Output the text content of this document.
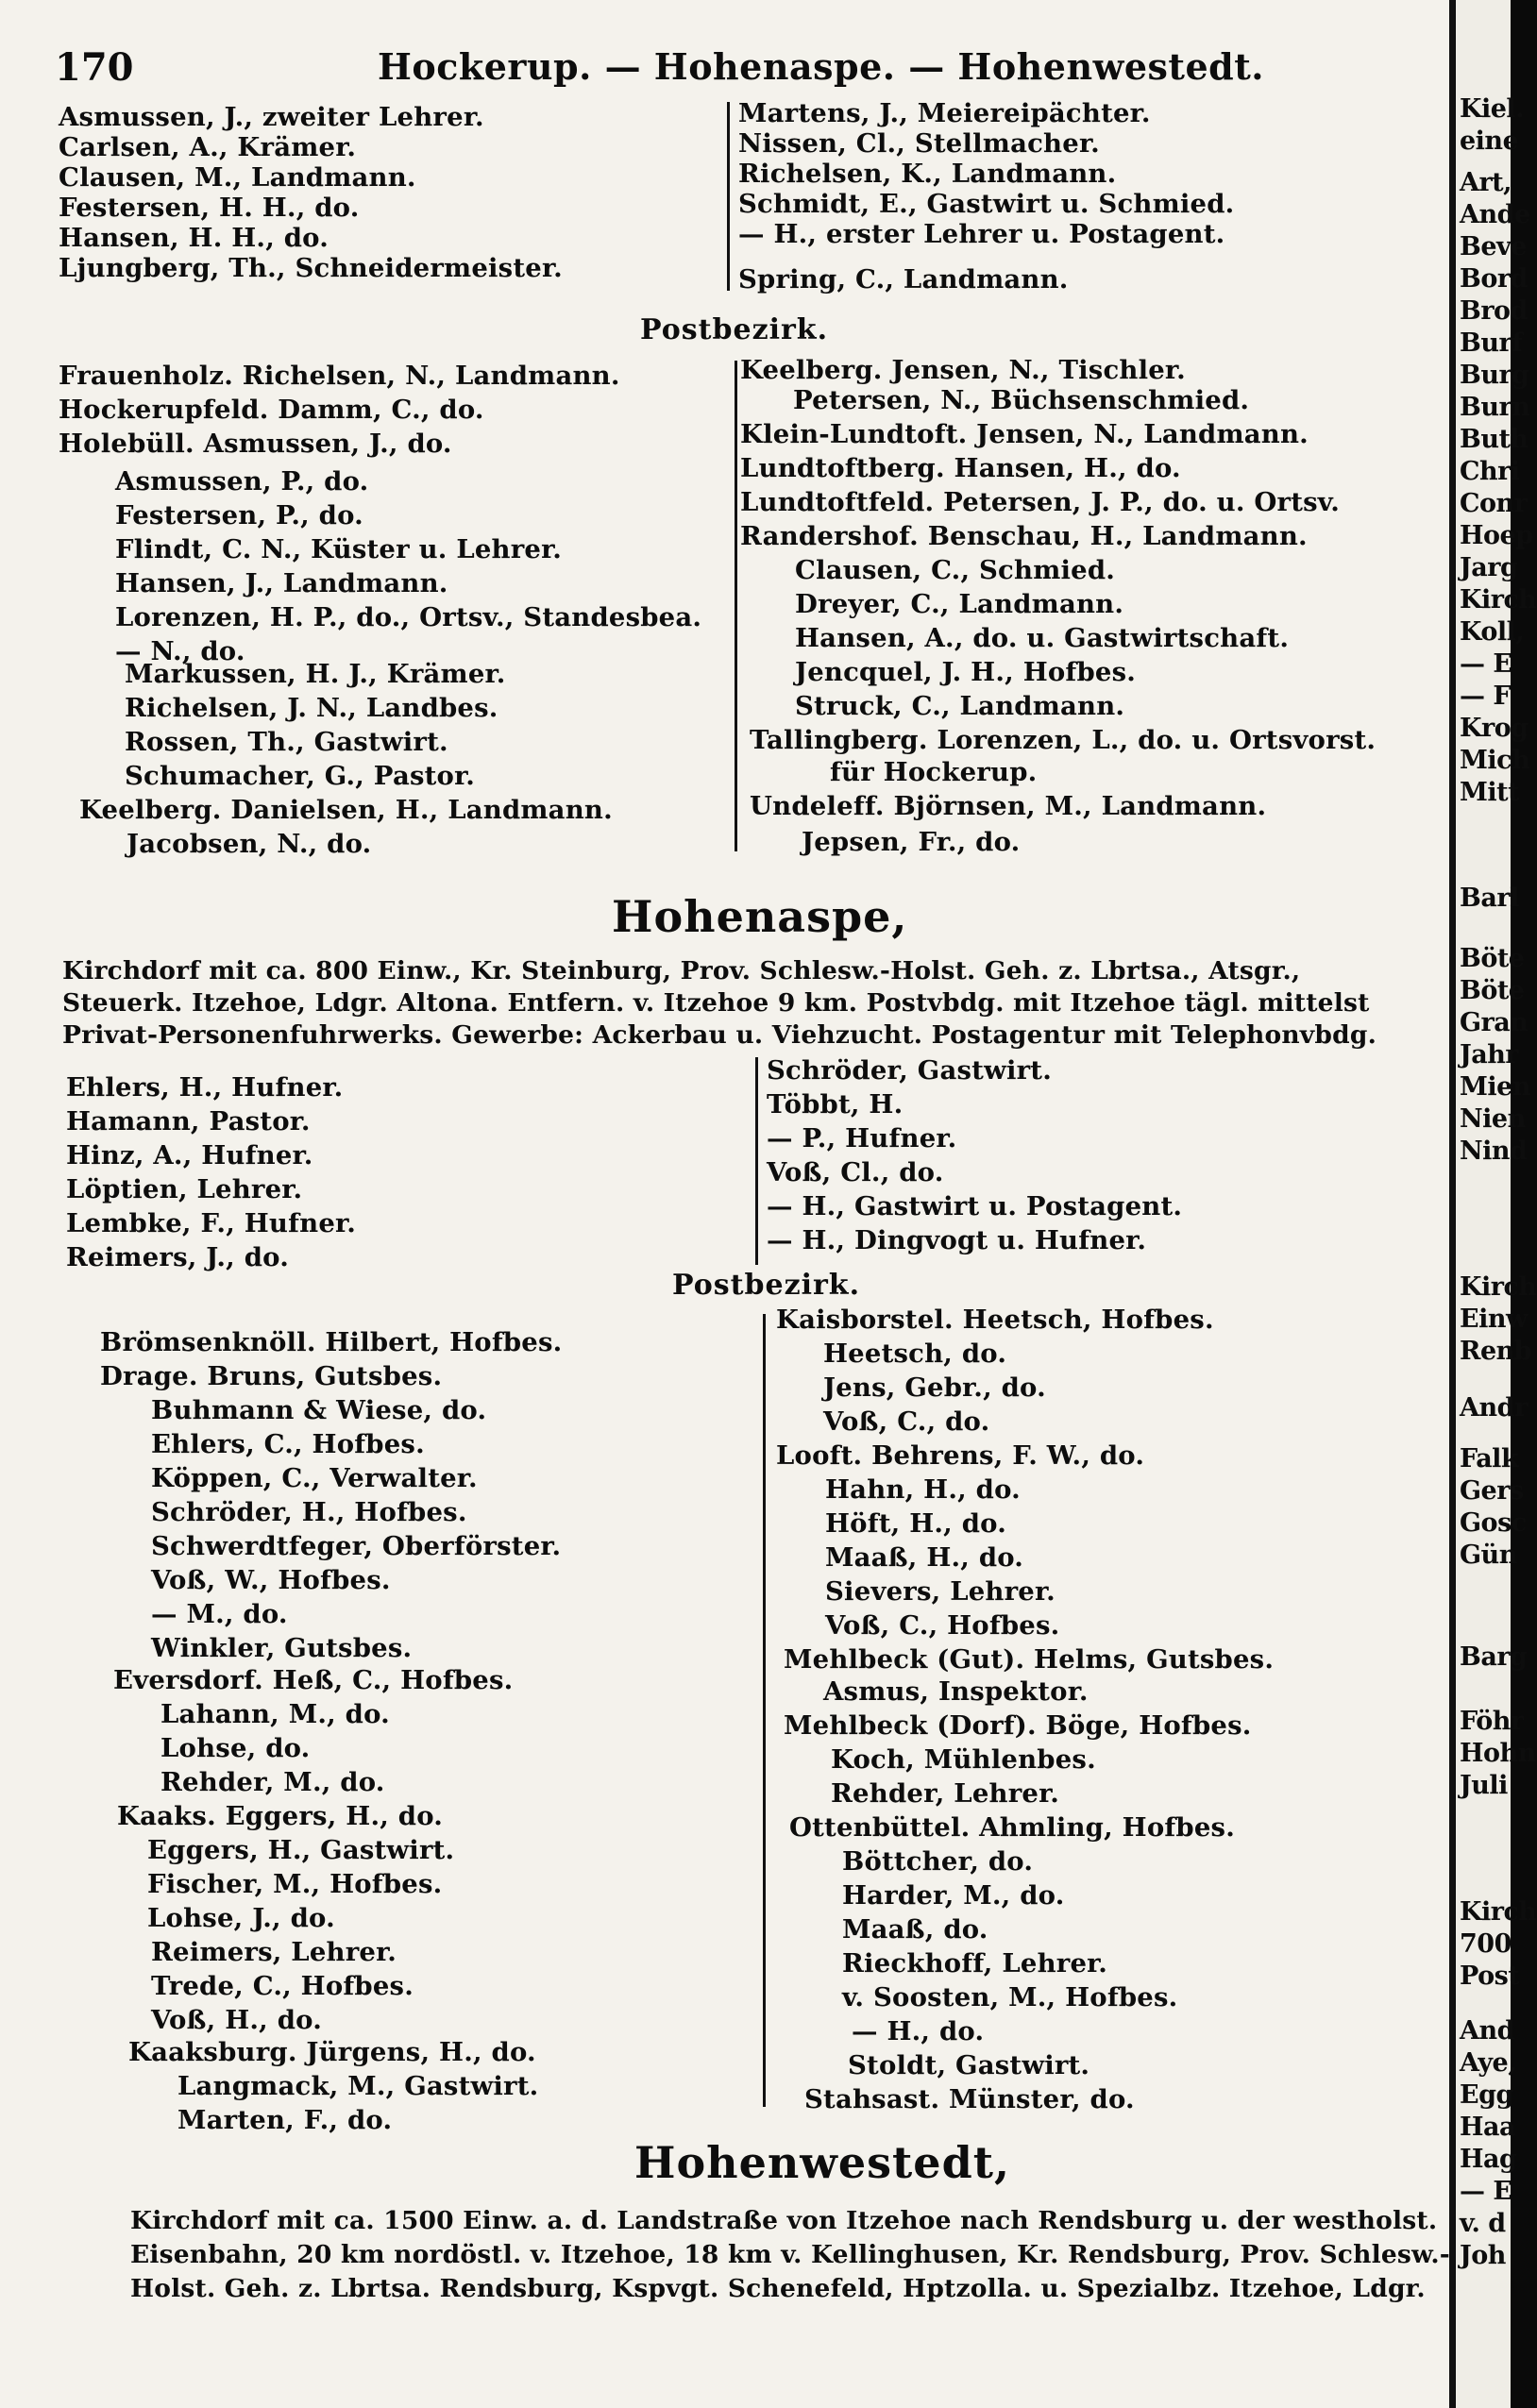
170	Hockerup. — Hohenaspe. — Hohenwestedt.
Asmussen, J., zweiter Lehrer.
Carlsen, A., Krämer.
Clausen, M., Landmann.
Festersen, H. H., do.
Hansen, H. H., do.
Ljungberg, Th., Schneidermeister.
Martens, J., Meiereipächter.
Nissen, Cl., Stellmacher.
Richelsen, K., Landmann.
Schmidt, E., Gastwirt u. Schmied.
— H., erster Lehrer u. Postagent.
Spring, C., Landmann.
Postbezirk.
Frauenholz. Richelsen, N., Landmann.
Hockerupfeld. Damm, C., do.
Holebüll. Asmussen, J., do.
Asmussen, P., do.
Festersen, P., do.
Flindt, C. N., Küster u. Lehrer.
Hansen, J., Landmann.
Lorenzen, H. P., do., Ortsv., Standesbea.
— N., do.
Markussen, H. J., Krämer.
Richelsen, J. N., Landbes.
Rossen, Th., Gastwirt.
Schumacher, G., Pastor.
Keelberg. Danielsen, H., Landmann.
Jacobsen, N., do.
Keelberg. Jensen, N., Tischler.
Petersen, N., Büchsenschmied.
Klein-Lundtoft. Jensen, N., Landmann.
Lundtoftberg. Hansen, H., do.
Lundtoftfeld. Petersen, J. P., do. u. Ortsv.
Randershof. Benschau, H., Landmann.
Clausen, C., Schmied.
Dreyer, C., Landmann.
Hansen, A., do. u. Gastwirtschaft.
Jencquel, J. H., Hofbes.
Struck, C., Landmann.
Tallingberg. Lorenzen, L., do. u. Ortsvorst.
für Hockerup.
Undeleff. Björnsen, M., Landmann.
Jepsen, Fr., do.
Hohenaspe,
Kirchdorf mit ca. 800 Einw., Kr. Steinburg, Prov. Schlesw.-Holst. Geh. z. Lbrtsa., Atsgr.,
Steuerk. Itzehoe, Ldgr. Altona. Entfern. v. Itzehoe 9 km. Postvbdg. mit Itzehoe tägl. mittelst
Privat-Personenfuhrwerks. Gewerbe: Ackerbau u. Viehzucht. Postagentur mit Telephonvbdg.
Ehlers, H., Hufner.
Hamann, Pastor.
Hinz, A., Hufner.
Löptien, Lehrer.
Lembke, F., Hufner.
Reimers, J., do.
Schröder, Gastwirt.
Többt, H.
— P., Hufner.
Voß, Cl., do.
— H., Gastwirt u. Postagent.
— H., Dingvogt u. Hufner.
Postbezirk.
Brömsenknöll. Hilbert, Hofbes.
Drage. Bruns, Gutsbes.
Buhmann & Wiese, do.
Ehlers, C., Hofbes.
Köppen, C., Verwalter.
Schröder, H., Hofbes.
Schwerdtfeger, Oberförster.
Voß, W., Hofbes.
— M., do.
Winkler, Gutsbes.
Eversdorf. Heß, C., Hofbes.
Lahann, M., do.
Lohse, do.
Rehder, M., do.
Kaaks. Eggers, H., do.
Eggers, H., Gastwirt.
Fischer, M., Hofbes.
Lohse, J., do.
Reimers, Lehrer.
Trede, C., Hofbes.
Voß, H., do.
Kaaksburg. Jürgens, H., do.
Langmack, M., Gastwirt.
Marten, F., do.
Kaisborstel. Heetsch, Hofbes.
Heetsch, do.
Jens, Gebr., do.
Voß, C., do.
Looft. Behrens, F. W., do.
Hahn, H., do.
Höft, H., do.
Maaß, H., do.
Sievers, Lehrer.
Voß, C., Hofbes.
Mehlbeck (Gut). Helms, Gutsbes.
Asmus, Inspektor.
Mehlbeck (Dorf). Böge, Hofbes.
Koch, Mühlenbes.
Rehder, Lehrer.
Ottenbüttel. Ahmling, Hofbes.
Böttcher, do.
Harder, M., do.
Maaß, do.
Rieckhoff, Lehrer.
v. Soosten, M., Hofbes.
— H., do.
Stoldt, Gastwirt.
Stahsast. Münster, do.
Hohenwestedt,
Kirchdorf mit ca. 1500 Einw. a. d. Landstraße von Itzehoe nach Rendsburg u. der westholst.
Eisenbahn, 20 km nordöstl. v. Itzehoe, 18 km v. Kellinghusen, Kr. Rendsburg, Prov. Schlesw.-
Holst. Geh. z. Lbrtsa. Rendsburg, Kspvgt. Schenefeld, Hptzolla. u. Spezialbz. Itzehoe, Ldgr.
Kiel.
eine
Art,
Ande
Beve
Bord
Brod
Burf
Burg
Burn
Buth
Chri
Conr
Hoep
Jarg
Kirch
Koll,
— E
— F
Krog
Mich
Mitt
Barl
Böte
Böte
Gran
Jahr
Mien
Nien
Nind
Kirch
Einw
Renb
Andr
Falk
Gers
Gosc
Gün
Barg
Föhr
Hohn
Juli
Kirch
700
Post
And
Aye,
Egg
Haa
Hag
— E
v. d
Joh
